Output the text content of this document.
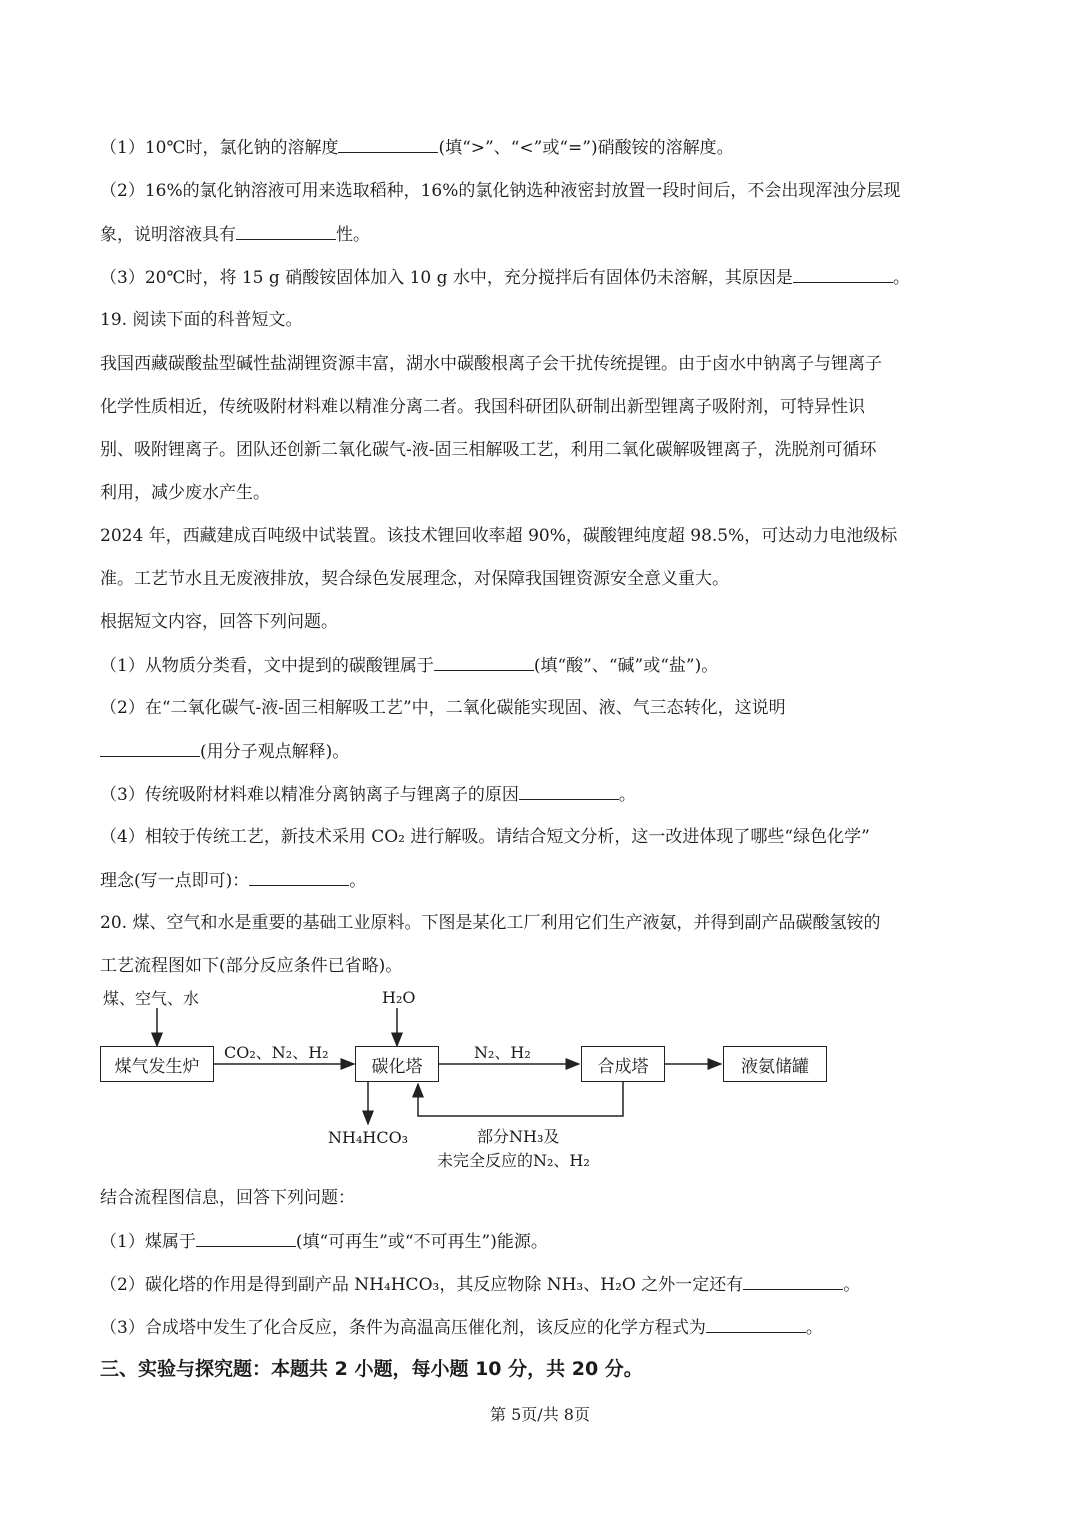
（1）10℃时，氯化钠的溶解度	(填“>”、“<”或“=”)硝酸铵的溶解度。
（2）16%的氯化钠溶液可用来选取稻种，16%的氯化钠选种液密封放置一段时间后，不会出现浑浊分层现
象，说明溶液具有	性。
（3）20℃时，将 15 g 硝酸铵固体加入 10 g 水中，充分搅拌后有固体仍未溶解，其原因是	。
19. 阅读下面的科普短文。
我国西藏碳酸盐型碱性盐湖锂资源丰富，湖水中碳酸根离子会干扰传统提锂。由于卤水中钠离子与锂离子
化学性质相近，传统吸附材料难以精准分离二者。我国科研团队研制出新型锂离子吸附剂，可特异性识
别、吸附锂离子。团队还创新二氧化碳气-液-固三相解吸工艺，利用二氧化碳解吸锂离子，洗脱剂可循环
利用，减少废水产生。
2024 年，西藏建成百吨级中试装置。该技术锂回收率超 90%，碳酸锂纯度超 98.5%，可达动力电池级标
准。工艺节水且无废液排放，契合绿色发展理念，对保障我国锂资源安全意义重大。
根据短文内容，回答下列问题。
（1）从物质分类看，文中提到的碳酸锂属于	(填“酸”、“碱”或“盐”)。
（2）在“二氧化碳气-液-固三相解吸工艺”中，二氧化碳能实现固、液、气三态转化，这说明
(用分子观点解释)。
（3）传统吸附材料难以精准分离钠离子与锂离子的原因	。
（4）相较于传统工艺，新技术采用 CO₂ 进行解吸。请结合短文分析，这一改进体现了哪些“绿色化学”
理念(写一点即可)：	。
20. 煤、空气和水是重要的基础工业原料。下图是某化工厂利用它们生产液氨，并得到副产品碳酸氢铵的
工艺流程图如下(部分反应条件已省略)。
煤、空气、水	H₂O
煤气发生炉	碳化塔	合成塔	液氨储罐
CO₂、N₂、H₂	N₂、H₂
NH₄HCO₃	部分NH₃及
未完全反应的N₂、H₂
结合流程图信息，回答下列问题：
（1）煤属于	(填“可再生”或“不可再生”)能源。
（2）碳化塔的作用是得到副产品 NH₄HCO₃，其反应物除 NH₃、H₂O 之外一定还有	。
（3）合成塔中发生了化合反应，条件为高温高压催化剂，该反应的化学方程式为	。
三、实验与探究题：本题共 2 小题，每小题 10 分，共 20 分。
第 5页/共 8页
